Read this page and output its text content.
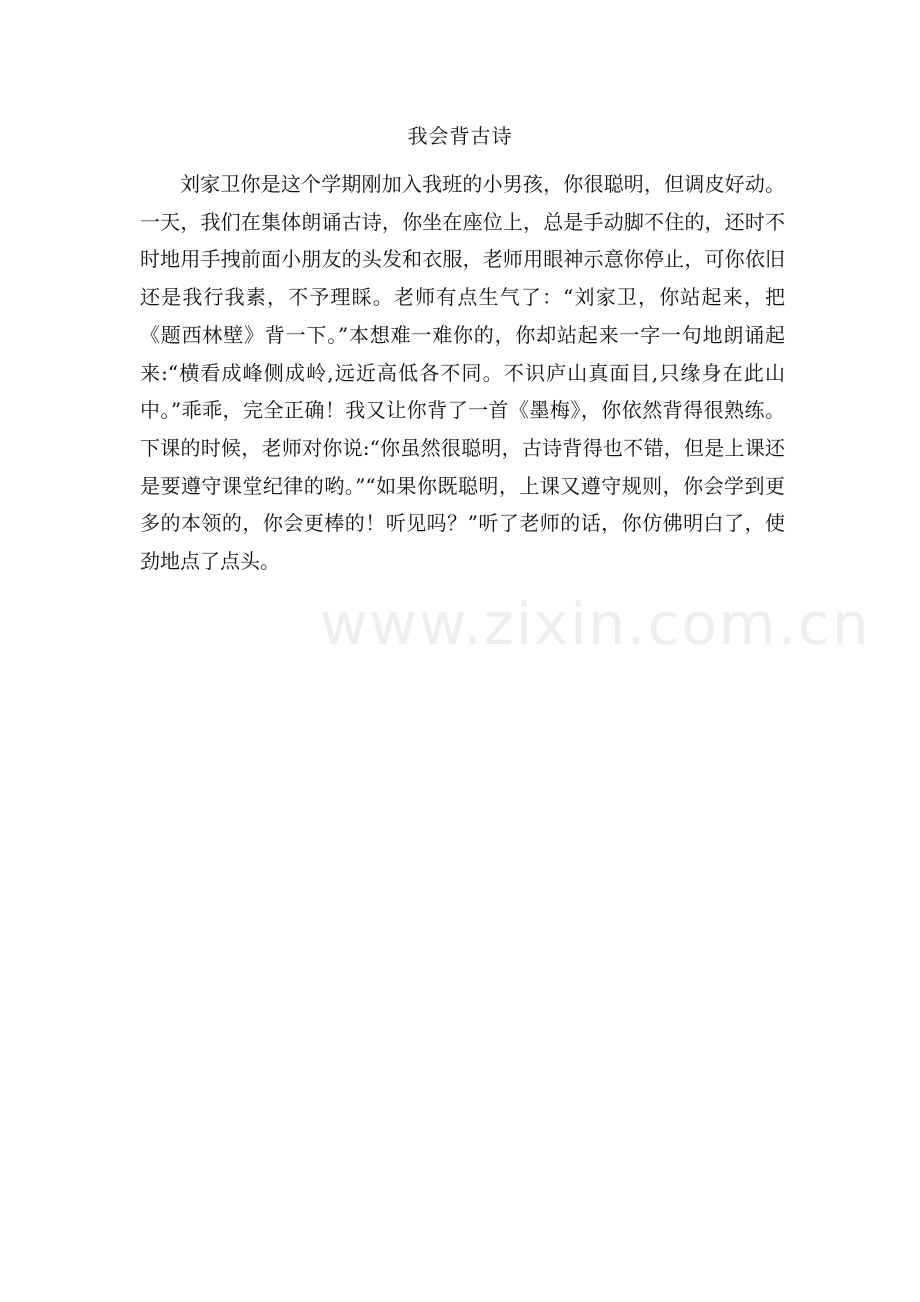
我会背古诗

刘家卫你是这个学期刚加入我班的小男孩，你很聪明，但调皮好动。一天，我们在集体朗诵古诗，你坐在座位上，总是手动脚不住的，还时不时地用手拽前面小朋友的头发和衣服，老师用眼神示意你停止，可你依旧还是我行我素，不予理睬。老师有点生气了：“刘家卫，你站起来，把《题西林壁》背一下。”本想难一难你的，你却站起来一字一句地朗诵起来:“横看成峰侧成岭,远近高低各不同。不识庐山真面目,只缘身在此山中。”乖乖，完全正确！我又让你背了一首《墨梅》，你依然背得很熟练。下课的时候，老师对你说:“你虽然很聪明，古诗背得也不错，但是上课还是要遵守课堂纪律的哟。”“如果你既聪明，上课又遵守规则，你会学到更多的本领的，你会更棒的！听见吗？”听了老师的话，你仿佛明白了，使劲地点了点头。

www.zixin.com.cn
